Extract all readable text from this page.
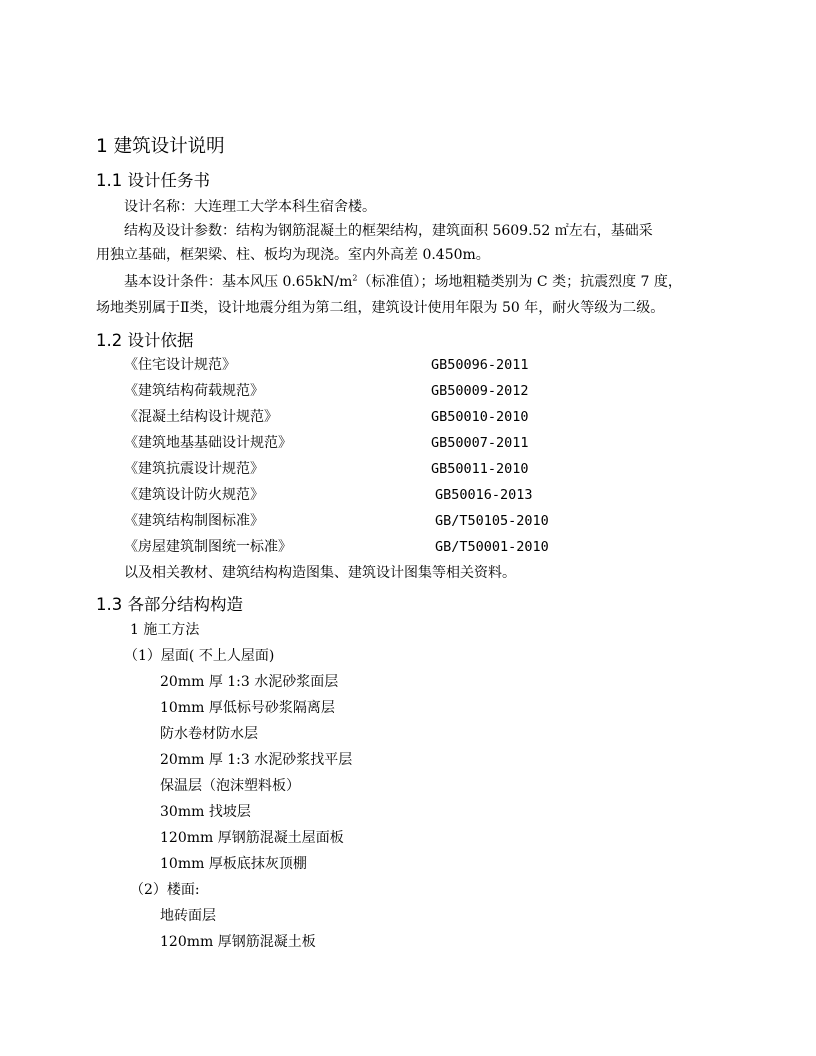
1 建筑设计说明
1.1 设计任务书
设计名称：大连理工大学本科生宿舍楼。
结构及设计参数：结构为钢筋混凝土的框架结构，建筑面积 5609.52 ㎡左右，基础采
用独立基础，框架梁、柱、板均为现浇。室内外高差 0.450m。
基本设计条件：基本风压 $0.65kN/m^2$（标准值）；场地粗糙类别为 C 类；抗震烈度 7 度，
场地类别属于Ⅱ类，设计地震分组为第二组，建筑设计使用年限为 50 年，耐火等级为二级。
1.2 设计依据
《住宅设计规范》	GB50096-2011
《建筑结构荷载规范》	GB50009-2012
《混凝土结构设计规范》	GB50010-2010
《建筑地基基础设计规范》	GB50007-2011
《建筑抗震设计规范》	GB50011-2010
《建筑设计防火规范》	GB50016-2013
《建筑结构制图标准》	GB/T50105-2010
《房屋建筑制图统一标准》	GB/T50001-2010
以及相关教材、建筑结构构造图集、建筑设计图集等相关资料。
1.3 各部分结构构造
1 施工方法
（1）屋面( 不上人屋面)
20mm 厚 1:3 水泥砂浆面层
10mm 厚低标号砂浆隔离层
防水卷材防水层
20mm 厚 1:3 水泥砂浆找平层
保温层（泡沫塑料板）
30mm 找坡层
120mm 厚钢筋混凝土屋面板
10mm 厚板底抹灰顶棚
（2）楼面:
地砖面层
120mm 厚钢筋混凝土板
